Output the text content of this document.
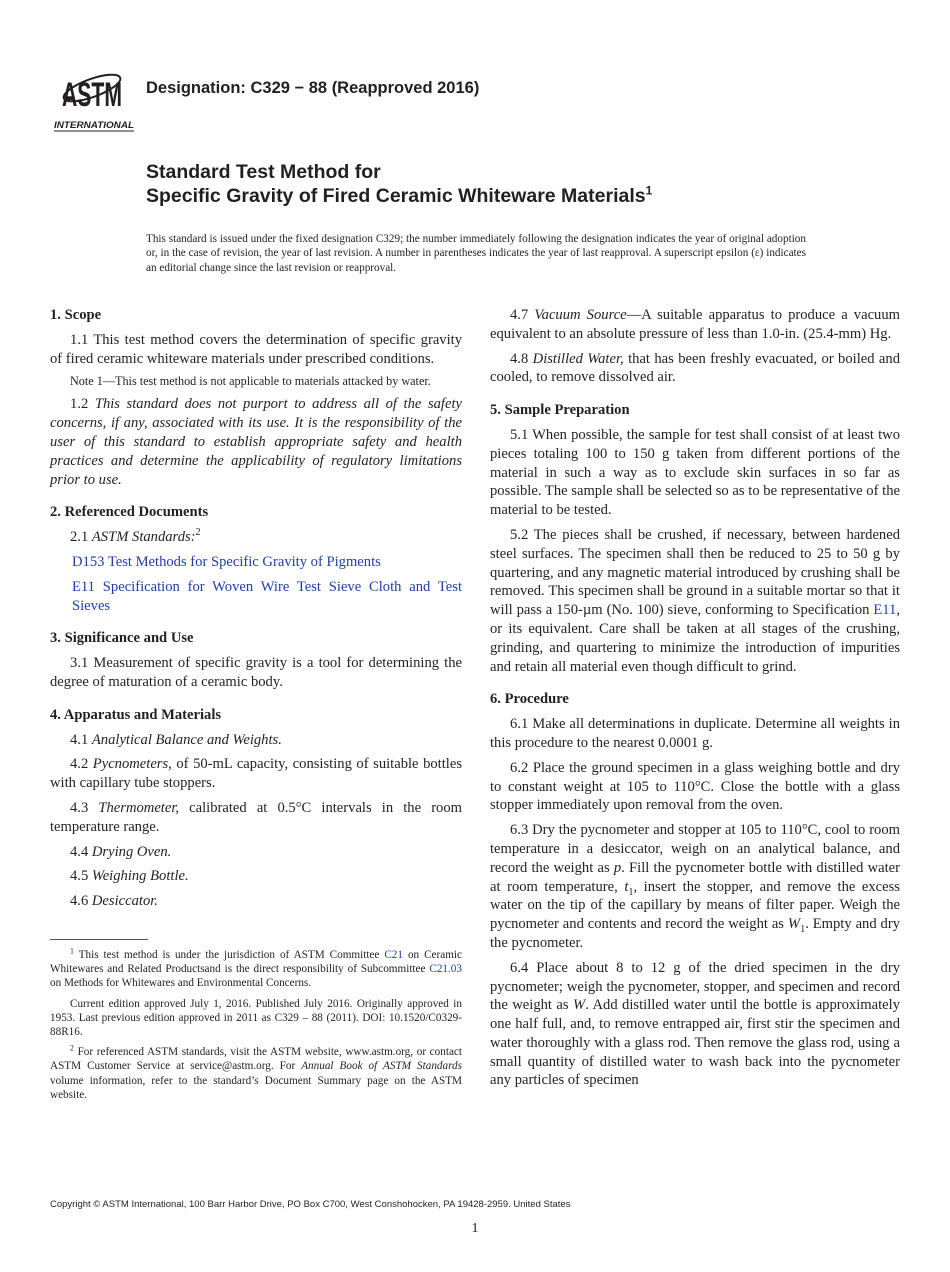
ASTM
INTERNATIONAL
Designation: C329 − 88 (Reapproved 2016)
Standard Test Method for
Specific Gravity of Fired Ceramic Whiteware Materials$^1$
This standard is issued under the fixed designation C329; the number immediately following the designation indicates the year of original adoption or, in the case of revision, the year of last revision. A number in parentheses indicates the year of last reapproval. A superscript epsilon (ε) indicates an editorial change since the last revision or reapproval.
1. Scope

1.1 This test method covers the determination of specific gravity of fired ceramic whiteware materials under prescribed conditions.

Note 1—This test method is not applicable to materials attacked by water.

1.2 This standard does not purport to address all of the safety concerns, if any, associated with its use. It is the responsibility of the user of this standard to establish appropriate safety and health practices and determine the applicability of regulatory limitations prior to use.

2. Referenced Documents

2.1 ASTM Standards:$^2$

D153 Test Methods for Specific Gravity of Pigments

E11 Specification for Woven Wire Test Sieve Cloth and Test Sieves

3. Significance and Use

3.1 Measurement of specific gravity is a tool for determining the degree of maturation of a ceramic body.

4. Apparatus and Materials

4.1 Analytical Balance and Weights.

4.2 Pycnometers, of 50-mL capacity, consisting of suitable bottles with capillary tube stoppers.

4.3 Thermometer, calibrated at 0.5°C intervals in the room temperature range.

4.4 Drying Oven.

4.5 Weighing Bottle.

4.6 Desiccator.

$^1$ This test method is under the jurisdiction of ASTM Committee C21 on Ceramic Whitewares and Related Productsand is the direct responsibility of Subcommittee C21.03 on Methods for Whitewares and Environmental Concerns.

Current edition approved July 1, 2016. Published July 2016. Originally approved in 1953. Last previous edition approved in 2011 as C329 – 88 (2011). DOI: 10.1520/C0329-88R16.

$^2$ For referenced ASTM standards, visit the ASTM website, www.astm.org, or contact ASTM Customer Service at service@astm.org. For Annual Book of ASTM Standards volume information, refer to the standard’s Document Summary page on the ASTM website.

4.7 Vacuum Source—A suitable apparatus to produce a vacuum equivalent to an absolute pressure of less than 1.0-in. (25.4-mm) Hg.

4.8 Distilled Water, that has been freshly evacuated, or boiled and cooled, to remove dissolved air.

5. Sample Preparation

5.1 When possible, the sample for test shall consist of at least two pieces totaling 100 to 150 g taken from different portions of the material in such a way as to exclude skin surfaces in so far as possible. The sample shall be selected so as to be representative of the material to be tested.

5.2 The pieces shall be crushed, if necessary, between hardened steel surfaces. The specimen shall then be reduced to 25 to 50 g by quartering, and any magnetic material introduced by crushing shall be removed. This specimen shall be ground in a suitable mortar so that it will pass a 150-µm (No. 100) sieve, conforming to Specification E11, or its equivalent. Care shall be taken at all stages of the crushing, grinding, and quartering to minimize the introduction of impurities and retain all material even though difficult to grind.

6. Procedure

6.1 Make all determinations in duplicate. Determine all weights in this procedure to the nearest 0.0001 g.

6.2 Place the ground specimen in a glass weighing bottle and dry to constant weight at 105 to 110°C. Close the bottle with a glass stopper immediately upon removal from the oven.

6.3 Dry the pycnometer and stopper at 105 to 110°C, cool to room temperature in a desiccator, weigh on an analytical balance, and record the weight as p. Fill the pycnometer bottle with distilled water at room temperature, $t_1$, insert the stopper, and remove the excess water on the tip of the capillary by means of filter paper. Weigh the pycnometer and contents and record the weight as $W_1$. Empty and dry the pycnometer.

6.4 Place about 8 to 12 g of the dried specimen in the dry pycnometer; weigh the pycnometer, stopper, and specimen and record the weight as W. Add distilled water until the bottle is approximately one half full, and, to remove entrapped air, first stir the specimen and water thoroughly with a glass rod. Then remove the glass rod, using a small quantity of distilled water to wash back into the pycnometer any particles of specimen

Copyright © ASTM International, 100 Barr Harbor Drive, PO Box C700, West Conshohocken, PA 19428-2959. United States
1
